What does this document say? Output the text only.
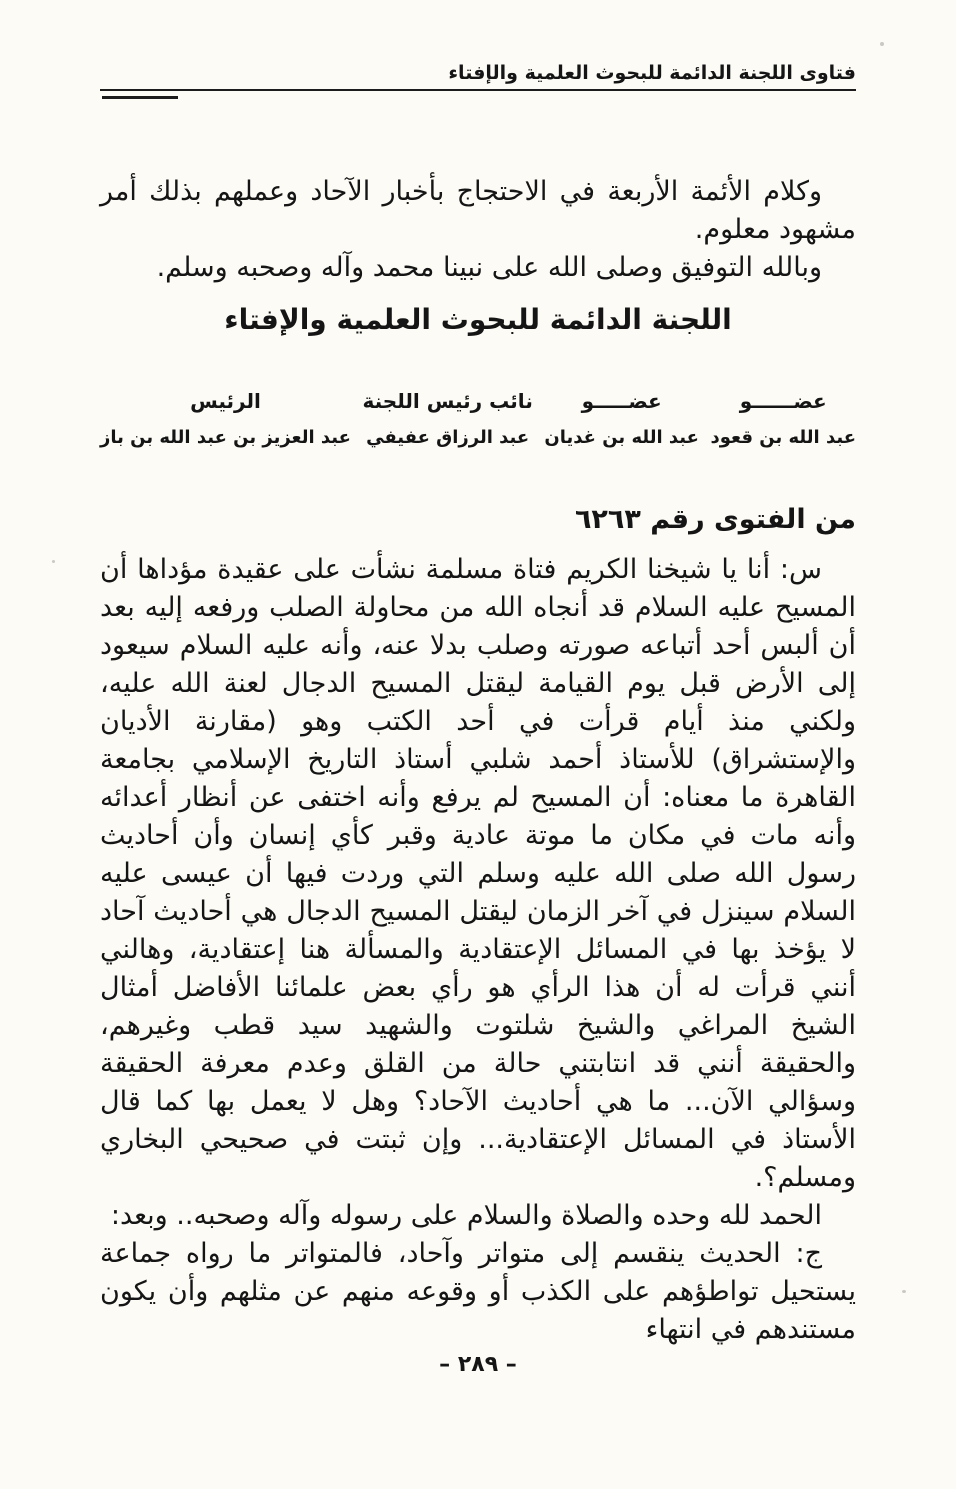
فتاوى اللجنة الدائمة للبحوث العلمية والإفتاء

وكلام الأئمة الأربعة في الاحتجاج بأخبار الآحاد وعملهم بذلك أمر مشهود معلوم.

وبالله التوفيق وصلى الله على نبينا محمد وآله وصحبه وسلم.

اللجنة الدائمة للبحوث العلمية والإفتاء
عضــــــو
عبد الله بن قعود
عضـــــو
عبد الله بن غديان
نائب رئيس اللجنة
عبد الرزاق عفيفي
الرئيس
عبد العزيز بن عبد الله بن باز
من الفتوى رقم ٦٢٦٣

س: أنا يا شيخنا الكريم فتاة مسلمة نشأت على عقيدة مؤداها أن المسيح عليه السلام قد أنجاه الله من محاولة الصلب ورفعه إليه بعد أن ألبس أحد أتباعه صورته وصلب بدلا عنه، وأنه عليه السلام سيعود إلى الأرض قبل يوم القيامة ليقتل المسيح الدجال لعنة الله عليه، ولكني منذ أيام قرأت في أحد الكتب وهو (مقارنة الأديان والإستشراق) للأستاذ أحمد شلبي أستاذ التاريخ الإسلامي بجامعة القاهرة ما معناه: أن المسيح لم يرفع وأنه اختفى عن أنظار أعدائه وأنه مات في مكان ما موتة عادية وقبر كأي إنسان وأن أحاديث رسول الله صلى الله عليه وسلم التي وردت فيها أن عيسى عليه السلام سينزل في آخر الزمان ليقتل المسيح الدجال هي أحاديث آحاد لا يؤخذ بها في المسائل الإعتقادية والمسألة هنا إعتقادية، وهالني أنني قرأت له أن هذا الرأي هو رأي بعض علمائنا الأفاضل أمثال الشيخ المراغي والشيخ شلتوت والشهيد سيد قطب وغيرهم، والحقيقة أنني قد انتابتني حالة من القلق وعدم معرفة الحقيقة وسؤالي الآن... ما هي أحاديث الآحاد؟ وهل لا يعمل بها كما قال الأستاذ في المسائل الإعتقادية... وإن ثبتت في صحيحي البخاري ومسلم؟.

الحمد لله وحده والصلاة والسلام على رسوله وآله وصحبه.. وبعد:

ج: الحديث ينقسم إلى متواتر وآحاد، فالمتواتر ما رواه جماعة يستحيل تواطؤهم على الكذب أو وقوعه منهم عن مثلهم وأن يكون مستندهم في انتهاء

– ٢٨٩ –
